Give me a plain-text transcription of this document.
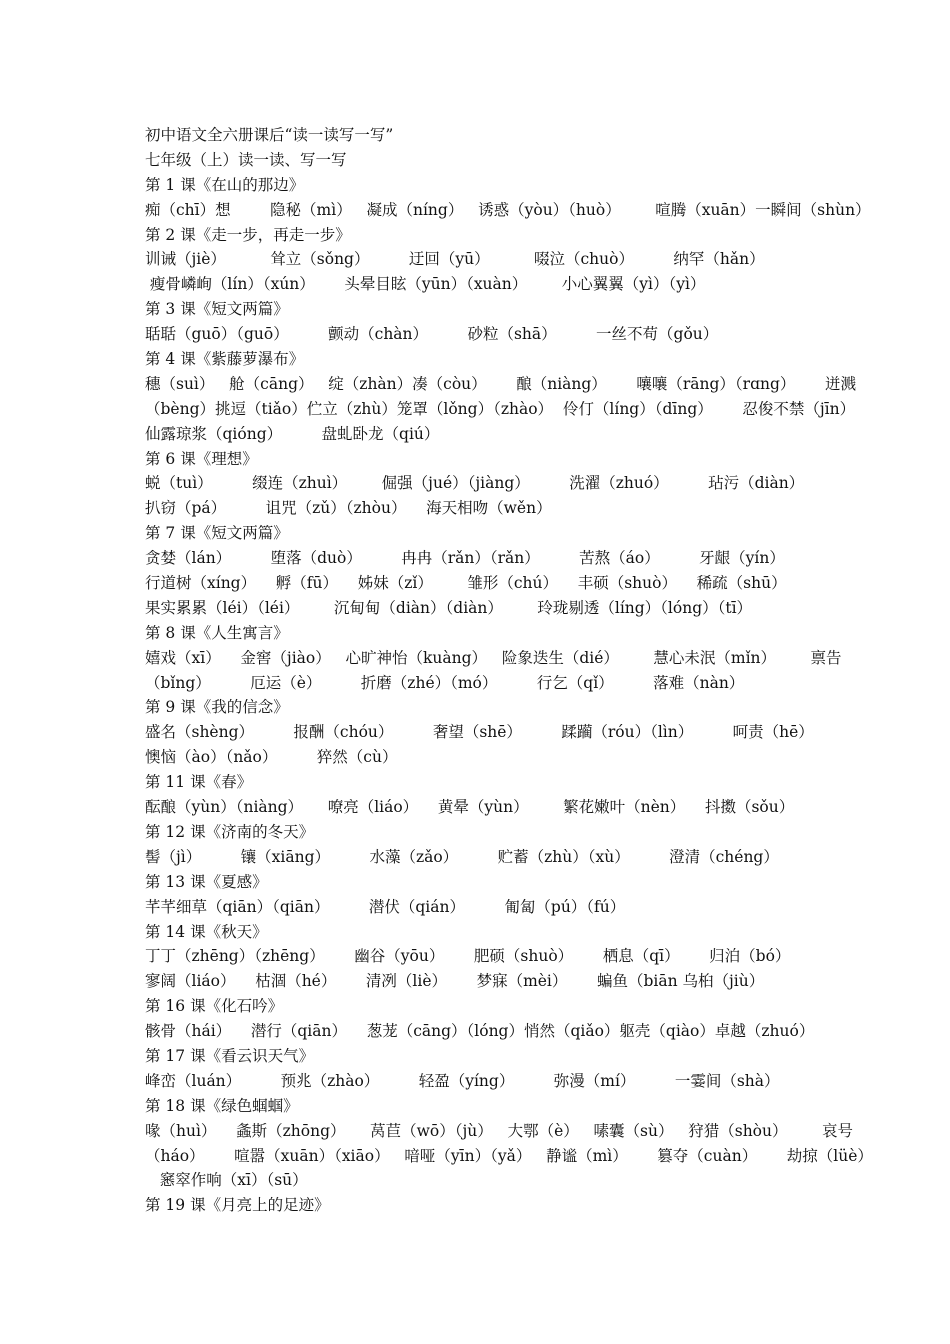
初中语文全六册课后“读一读写一写”
七年级（上）读一读、写一写
第 1 课《在山的那边》
痴（chī）想        隐秘（mì）   凝成（níng）   诱惑（yòu）（huò）       喧腾（xuān）一瞬间（shùn）
第 2 课《走一步，再走一步》
训诫（jiè）         耸立（sǒng）        迂回（yū）         啜泣（chuò）        纳罕（hǎn）
瘦骨嶙峋（lín）（xún）      头晕目眩（yūn）（xuàn）       小心翼翼（yì）（yì）
第 3 课《短文两篇》
聒聒（guō）（guō）        颤动（chàn）        砂粒（shā）        一丝不苟（gǒu）
第 4 课《紫藤萝瀑布》
穗（suì）   舱（cāng）   绽（zhàn）凑（còu）      酿（niàng）      嚷嚷（rāng）（rɑng）      迸溅
（bèng）挑逗（tiǎo）伫立（zhù）笼罩（lǒng）（zhào）  伶仃（líng）（dīng）      忍俊不禁（jīn）
仙露琼浆（qióng）        盘虬卧龙（qiú）
第 6 课《理想》
蜕（tuì）        缀连（zhuì）       倔强（jué）（jiàng）        洗濯（zhuó）        玷污（diàn）
扒窃（pá）        诅咒（zǔ）（zhòu）    海天相吻（wěn）
第 7 课《短文两篇》
贪婪（lán）        堕落（duò）        冉冉（rǎn）（rǎn）        苦熬（áo）        牙龈（yín）
行道树（xíng）    孵（fū）    姊妹（zǐ）       雏形（chú）    丰硕（shuò）    稀疏（shū）
果实累累（léi）（léi）       沉甸甸（diàn）（diàn）       玲珑剔透（líng）（lóng）（tī）
第 8 课《人生寓言》
嬉戏（xī）    金窖（jiào）   心旷神怡（kuàng）   险象迭生（dié）       慧心未泯（mǐn）       禀告
（bǐng）        厄运（è）        折磨（zhé）（mó）        行乞（qǐ）        落难（nàn）
第 9 课《我的信念》
盛名（shèng）        报酬（chóu）        奢望（shē）        蹂躏（róu）（lìn）        呵责（hē）
懊恼（ào）（nǎo）        猝然（cù）
第 11 课《春》
酝酿（yùn）（niàng）     嘹亮（liáo）    黄晕（yùn）       繁花嫩叶（nèn）    抖擞（sǒu）
第 12 课《济南的冬天》
髻（jì）        镶（xiāng）        水藻（zǎo）        贮蓄（zhù）（xù）        澄清（chéng）
第 13 课《夏感》
芊芊细草（qiān）（qiān）        潜伏（qián）        匍匐（pú）（fú）
第 14 课《秋天》
丁丁（zhēng）（zhēng）      幽谷（yōu）      肥硕（shuò）      栖息（qī）      归泊（bó）
寥阔（liáo）    枯涸（hé）      清冽（liè）      梦寐（mèi）      蝙鱼（biān 乌桕（jiù）
第 16 课《化石吟》
骸骨（hái）    潜行（qiān）    葱茏（cāng）（lóng）悄然（qiǎo）躯壳（qiào）卓越（zhuó）
第 17 课《看云识天气》
峰峦（luán）        预兆（zhào）        轻盈（yíng）        弥漫（mí）        一霎间（shà）
第 18 课《绿色蝈蝈》
喙（huì）    螽斯（zhōng）     莴苣（wō）（jù）   大鄂（è）   嗉囊（sù）   狩猎（shòu）       哀号
（háo）      喧嚣（xuān）（xiāo）   喑哑（yīn）（yǎ）   静谧（mì）      篡夺（cuàn）      劫掠（lüè）
窸窣作响（xī）（sū）
第 19 课《月亮上的足迹》
